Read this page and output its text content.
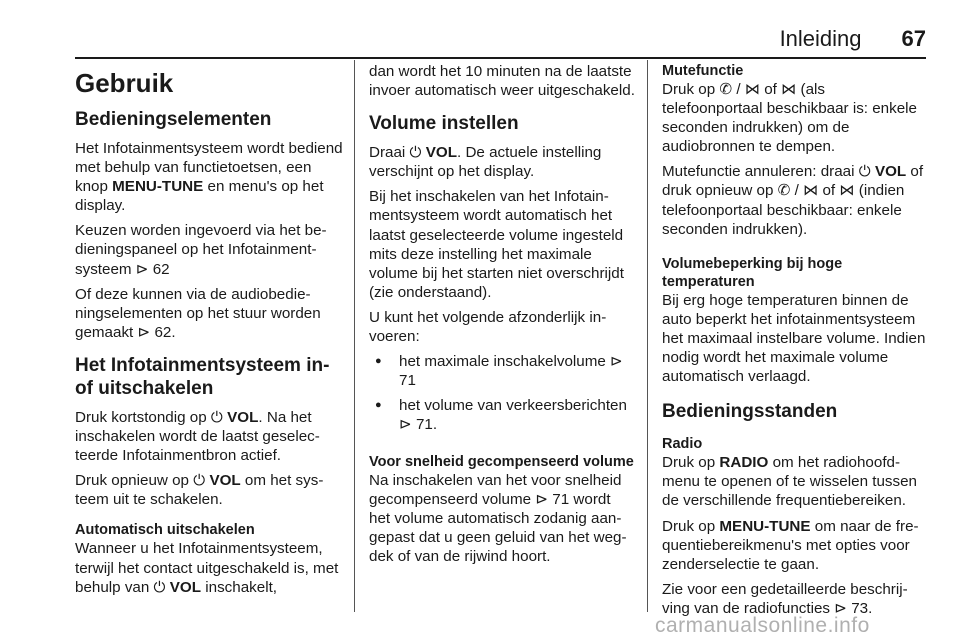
Inleiding 67
Gebruik
Bedieningselementen

Het Infotainmentsysteem wordt bediend met behulp van functietoetsen, een knop MENU-TUNE en menu's op het display.

Keuzen worden ingevoerd via het bedieningspaneel op het Infotainmentsysteem ⊳ 62

Of deze kunnen via de audiobedieningselementen op het stuur worden gemaakt ⊳ 62.

Het Infotainmentsysteem in- of uitschakelen

Druk kortstondig op ⏻ VOL. Na het inschakelen wordt de laatst geselecteerde Infotainmentbron actief.

Druk opnieuw op ⏻ VOL om het systeem uit te schakelen.

Automatisch uitschakelen

Wanneer u het Infotainmentsysteem, terwijl het contact uitgeschakeld is, met behulp van ⏻ VOL inschakelt,

dan wordt het 10 minuten na de laatste invoer automatisch weer uitgeschakeld.

Volume instellen

Draai ⏻ VOL. De actuele instelling verschijnt op het display.

Bij het inschakelen van het Infotainmentsysteem wordt automatisch het laatst geselecteerde volume ingesteld mits deze instelling het maximale volume bij het starten niet overschrijdt (zie onderstaand).

U kunt het volgende afzonderlijk invoeren:

● het maximale inschakelvolume ⊳ 71
● het volume van verkeersberichten ⊳ 71.
Voor snelheid gecompenseerd volume

Na inschakelen van het voor snelheid gecompenseerd volume ⊳ 71 wordt het volume automatisch zodanig aangepast dat u geen geluid van het wegdek of van de rijwind hoort.

Mutefunctie

Druk op ✆ / ⋈ of ⋈ (als telefoonportaal beschikbaar is: enkele seconden indrukken) om de audiobronnen te dempen.

Mutefunctie annuleren: draai ⏻ VOL of druk opnieuw op ✆ / ⋈ of ⋈ (indien telefoonportaal beschikbaar: enkele seconden indrukken).

Volumebeperking bij hoge temperaturen

Bij erg hoge temperaturen binnen de auto beperkt het infotainmentsysteem het maximaal instelbare volume. Indien nodig wordt het maximale volume automatisch verlaagd.

Bedieningsstanden
Radio

Druk op RADIO om het radiohoofdmenu te openen of te wisselen tussen de verschillende frequentiebereiken.

Druk op MENU-TUNE om naar de frequentiebereikmenu's met opties voor zenderselectie te gaan.

Zie voor een gedetailleerde beschrijving van de radiofuncties ⊳ 73.

carmanualsonline.info
